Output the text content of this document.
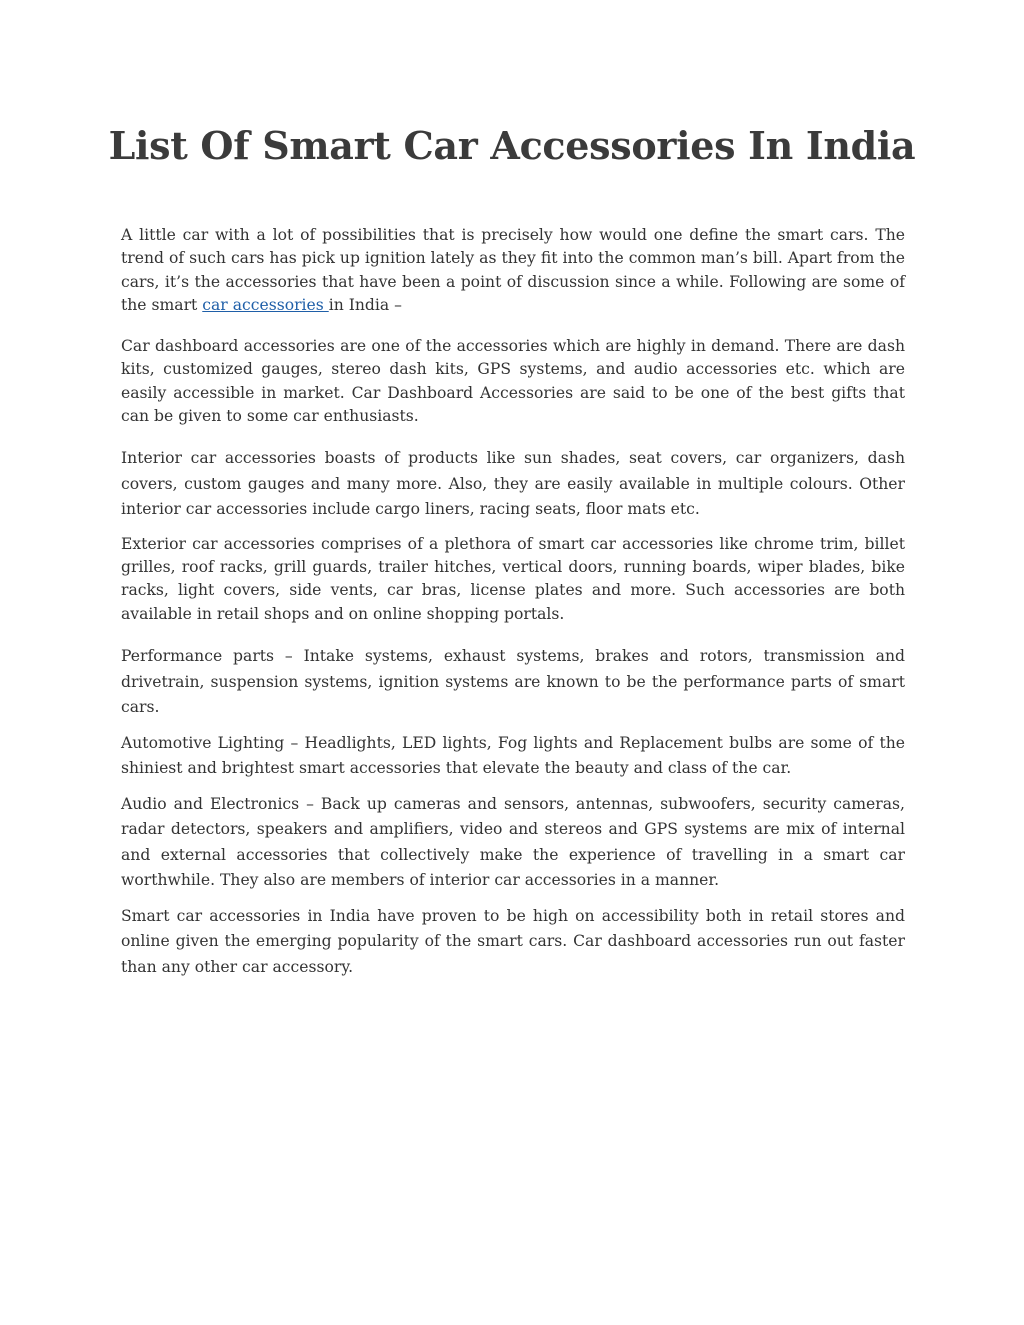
List Of Smart Car Accessories In India

A little car with a lot of possibilities that is precisely how would one define the smart cars. The trend of such cars has pick up ignition lately as they fit into the common man’s bill. Apart from the cars, it’s the accessories that have been a point of discussion since a while. Following are some of the smart car accessories in India –

Car dashboard accessories are one of the accessories which are highly in demand. There are dash kits, customized gauges, stereo dash kits, GPS systems, and audio accessories etc. which are easily accessible in market. Car Dashboard Accessories are said to be one of the best gifts that can be given to some car enthusiasts.

Interior car accessories boasts of products like sun shades, seat covers, car organizers, dash covers, custom gauges and many more. Also, they are easily available in multiple colours. Other interior car accessories include cargo liners, racing seats, floor mats etc.

Exterior car accessories comprises of a plethora of smart car accessories like chrome trim, billet grilles, roof racks, grill guards, trailer hitches, vertical doors, running boards, wiper blades, bike racks, light covers, side vents, car bras, license plates and more. Such accessories are both available in retail shops and on online shopping portals.

Performance parts – Intake systems, exhaust systems, brakes and rotors, transmission and drivetrain, suspension systems, ignition systems are known to be the performance parts of smart cars.

Automotive Lighting – Headlights, LED lights, Fog lights and Replacement bulbs are some of the shiniest and brightest smart accessories that elevate the beauty and class of the car.

Audio and Electronics – Back up cameras and sensors, antennas, subwoofers, security cameras, radar detectors, speakers and amplifiers, video and stereos and GPS systems are mix of internal and external accessories that collectively make the experience of travelling in a smart car worthwhile. They also are members of interior car accessories in a manner.

Smart car accessories in India have proven to be high on accessibility both in retail stores and online given the emerging popularity of the smart cars. Car dashboard accessories run out faster than any other car accessory.
